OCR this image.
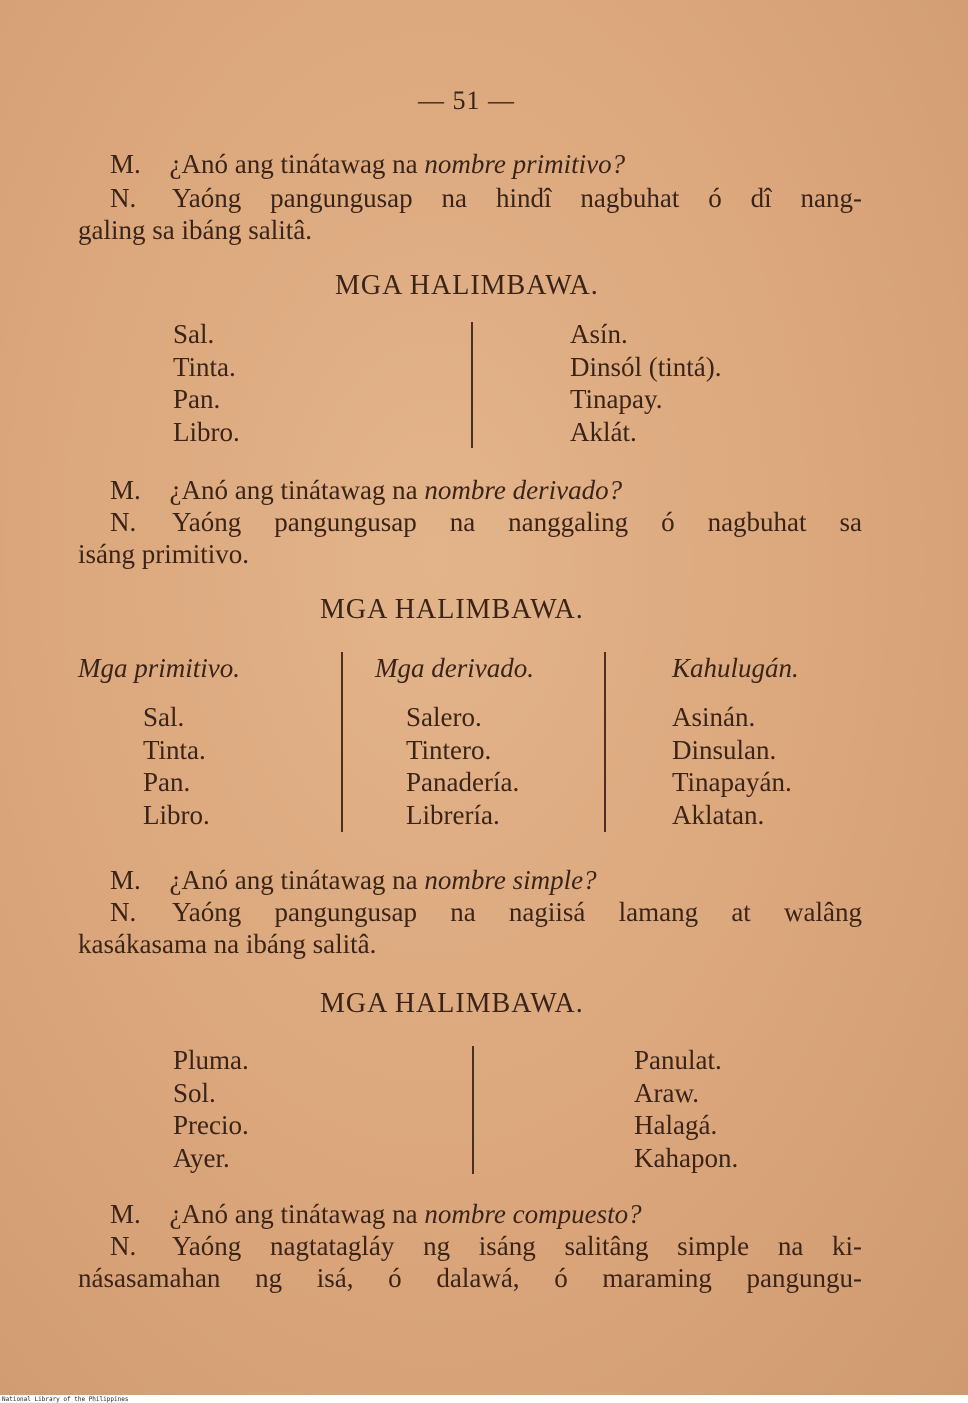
— 51 —
M. ¿Anó ang tinátawag na nombre primitivo?
N. Yaóng pangungusap na hindî nagbuhat ó dî nang-
galing sa ibáng salitâ.
MGA HALIMBAWA.
Sal.
Tinta.
Pan.
Libro.
Asín.
Dinsól (tintá).
Tinapay.
Aklát.
M. ¿Anó ang tinátawag na nombre derivado?
N. Yaóng pangungusap na nanggaling ó nagbuhat sa
isáng primitivo.
MGA HALIMBAWA.
Mga primitivo.	Mga derivado.	Kahulugán.
Sal.
Tinta.
Pan.
Libro.
Salero.
Tintero.
Panadería.
Librería.
Asinán.
Dinsulan.
Tinapayán.
Aklatan.
M. ¿Anó ang tinátawag na nombre simple?
N. Yaóng pangungusap na nagiisá lamang at walâng
kasákasama na ibáng salitâ.
MGA HALIMBAWA.
Pluma.
Sol.
Precio.
Ayer.
Panulat.
Araw.
Halagá.
Kahapon.
M. ¿Anó ang tinátawag na nombre compuesto?
N. Yaóng nagtatagláy ng isáng salitâng simple na ki-
násasamahan ng isá, ó dalawá, ó maraming pangungu-
National Library of the Philippines
